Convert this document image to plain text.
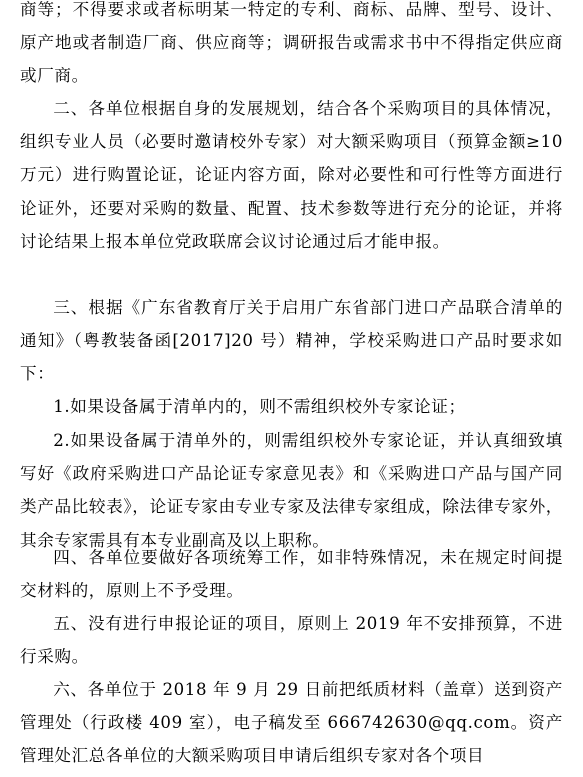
商等；不得要求或者标明某一特定的专利、商标、品牌、型号、设计、原产地或者制造厂商、供应商等；调研报告或需求书中不得指定供应商或厂商。

二、各单位根据自身的发展规划，结合各个采购项目的具体情况，组织专业人员（必要时邀请校外专家）对大额采购项目（预算金额≥10 万元）进行购置论证，论证内容方面，除对必要性和可行性等方面进行论证外，还要对采购的数量、配置、技术参数等进行充分的论证，并将讨论结果上报本单位党政联席会议讨论通过后才能申报。

三、根据《广东省教育厅关于启用广东省部门进口产品联合清单的通知》（粤教装备函[2017]20 号）精神，学校采购进口产品时要求如下：

1.如果设备属于清单内的，则不需组织校外专家论证；

2.如果设备属于清单外的，则需组织校外专家论证，并认真细致填写好《政府采购进口产品论证专家意见表》和《采购进口产品与国产同类产品比较表》，论证专家由专业专家及法律专家组成，除法律专家外，其余专家需具有本专业副高及以上职称。

四、各单位要做好各项统筹工作，如非特殊情况，未在规定时间提交材料的，原则上不予受理。

五、没有进行申报论证的项目，原则上 2019 年不安排预算，不进行采购。

六、各单位于 2018 年 9 月 29 日前把纸质材料（盖章）送到资产管理处（行政楼 409 室），电子稿发至 666742630@qq.com。资产管理处汇总各单位的大额采购项目申请后组织专家对各个项目
